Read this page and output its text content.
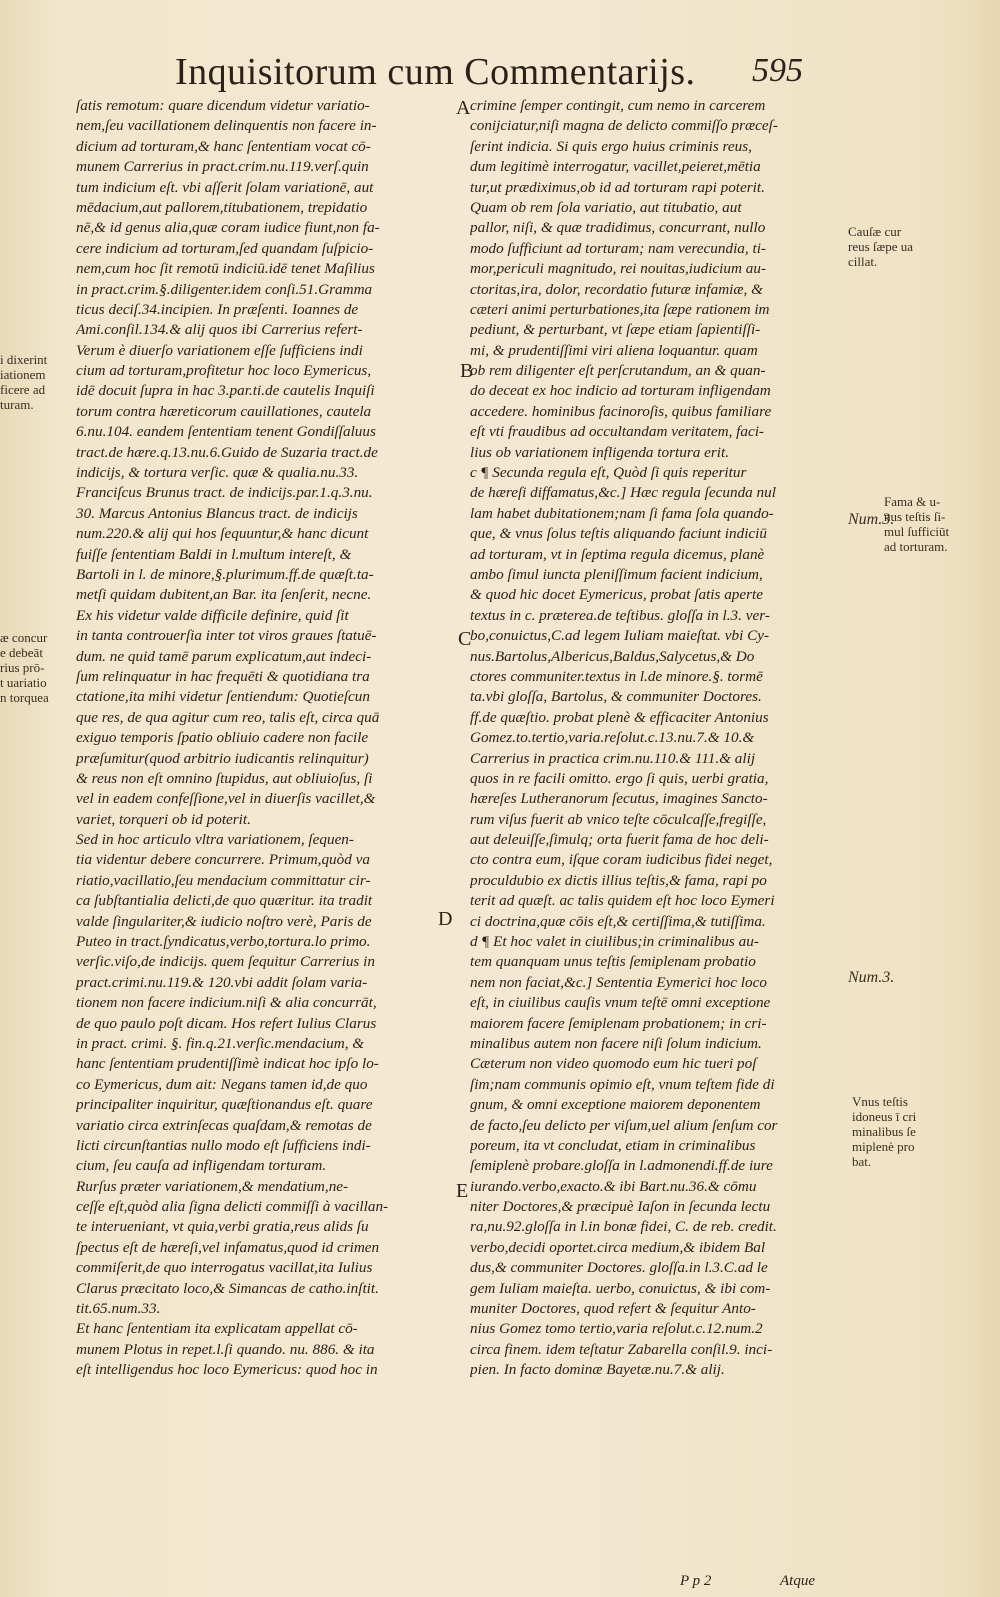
Inquisitorum cum Commentarijs. 595
ſatis remotum: quare dicendum videtur variatio-
nem,ſeu vacillationem delinquentis non facere in-
dicium ad torturam,& hanc ſententiam vocat cō-
munem Carrerius in pract.crim.nu.119.verſ.quin
tum indicium eſt. vbi aſſerit ſolam variationē, aut
mēdacium,aut pallorem,titubationem, trepidatio
nē,& id genus alia,quæ coram iudice fiunt,non fa-
cere indicium ad torturam,ſed quandam ſuſpicio-
nem,cum hoc ſit remotū indiciū.idē tenet Maſilius
in pract.crim.§.diligenter.idem conſi.51.Gramma
ticus deciſ.34.incipien. In præſenti. Ioannes de
Ami.conſil.134.& alij quos ibi Carrerius refert-
Verum è diuerſo variationem eſſe ſufficiens indi
cium ad torturam,profitetur hoc loco Eymericus,
idē docuit ſupra in hac 3.par.ti.de cautelis Inquiſi
torum contra hæreticorum cauillationes, cautela
6.nu.104. eandem ſententiam tenent Gondiſſaluus
tract.de hære.q.13.nu.6.Guido de Suzaria tract.de
indicijs, & tortura verſic. quæ & qualia.nu.33.
Franciſcus Brunus tract. de indicijs.par.1.q.3.nu.
30. Marcus Antonius Blancus tract. de indicijs
num.220.& alij qui hos ſequuntur,& hanc dicunt
fuiſſe ſententiam Baldi in l.multum intereſt, &
Bartoli in l. de minore,§.plurimum.ff.de quæſt.ta-
metſi quidam dubitent,an Bar. ita ſenſerit, necne.
Ex his videtur valde difficile definire, quid ſit
in tanta controuerſia inter tot viros graues ſtatuē-
dum. ne quid tamē parum explicatum,aut indeci-
ſum relinquatur in hac frequēti & quotidiana tra
ctatione,ita mihi videtur ſentiendum: Quotieſcun
que res, de qua agitur cum reo, talis eſt, circa quā
exiguo temporis ſpatio obliuio cadere non facile
præſumitur(quod arbitrio iudicantis relinquitur)
& reus non eſt omnino ſtupidus, aut obliuioſus, ſi
vel in eadem confeſſione,vel in diuerſis vacillet,&
variet, torqueri ob id poterit.
Sed in hoc articulo vltra variationem, ſequen-
tia videntur debere concurrere. Primum,quòd va
riatio,vacillatio,ſeu mendacium committatur cir-
ca ſubſtantialia delicti,de quo quæritur. ita tradit
valde ſingulariter,& iudicio noſtro verè, Paris de
Puteo in tract.ſyndicatus,verbo,tortura.lo primo.
verſic.viſo,de indicijs. quem ſequitur Carrerius in
pract.crimi.nu.119.& 120.vbi addit ſolam varia-
tionem non facere indicium.niſi & alia concurrāt,
de quo paulo poſt dicam. Hos refert Iulius Clarus
in pract. crimi. §. fin.q.21.verſic.mendacium, &
hanc ſententiam prudentiſſimè indicat hoc ipſo lo-
co Eymericus, dum ait: Negans tamen id,de quo
principaliter inquiritur, quæſtionandus eſt. quare
variatio circa extrinſecas quaſdam,& remotas de
licti circunſtantias nullo modo eſt ſufficiens indi-
cium, ſeu cauſa ad infligendam torturam.
Rurſus præter variationem,& mendatium,ne-
ceſſe eſt,quòd alia ſigna delicti commiſſi à vacillan-
te interueniant, vt quia,verbi gratia,reus alids ſu
ſpectus eſt de hæreſi,vel infamatus,quod id crimen
commiſerit,de quo interrogatus vacillat,ita Iulius
Clarus præcitato loco,& Simancas de catho.inſtit.
tit.65.num.33.
Et hanc ſententiam ita explicatam appellat cō-
munem Plotus in repet.l.ſi quando. nu. 886. & ita
eſt intelligendus hoc loco Eymericus: quod hoc in
crimine ſemper contingit, cum nemo in carcerem
conijciatur,niſi magna de delicto commiſſo præceſ-
ſerint indicia. Si quis ergo huius criminis reus,
dum legitimè interrogatur, vacillet,peieret,mētia
tur,ut prædiximus,ob id ad torturam rapi poterit.
Quam ob rem ſola variatio, aut titubatio, aut
pallor, niſi, & quæ tradidimus, concurrant, nullo
modo ſufficiunt ad torturam; nam verecundia, ti-
mor,periculi magnitudo, rei nouitas,iudicium au-
ctoritas,ira, dolor, recordatio futuræ infamiæ, &
cæteri animi perturbationes,ita ſæpe rationem im
pediunt, & perturbant, vt ſæpe etiam ſapientiſſi-
mi, & prudentiſſimi viri aliena loquantur. quam
ob rem diligenter eſt perſcrutandum, an & quan-
do deceat ex hoc indicio ad torturam infligendam
accedere. hominibus facinoroſis, quibus familiare
eſt vti fraudibus ad occultandam veritatem, faci-
lius ob variationem infligenda tortura erit.
c ¶ Secunda regula eſt, Quòd ſi quis reperitur
de hæreſi diffamatus,&c.] Hæc regula ſecunda nul
lam habet dubitationem;nam ſi fama ſola quando-
que, & vnus ſolus teſtis aliquando faciunt indiciū
ad torturam, vt in ſeptima regula dicemus, planè
ambo ſimul iuncta pleniſſimum facient indicium,
& quod hic docet Eymericus, probat ſatis aperte
textus in c. præterea.de teſtibus. gloſſa in l.3. ver-
bo,conuictus,C.ad legem Iuliam maieſtat. vbi Cy-
nus.Bartolus,Albericus,Baldus,Salycetus,& Do
ctores communiter.textus in l.de minore.§. tormē
ta.vbi gloſſa, Bartolus, & communiter Doctores.
ff.de quæſtio. probat plenè & efficaciter Antonius
Gomez.to.tertio,varia.reſolut.c.13.nu.7.& 10.&
Carrerius in practica crim.nu.110.& 111.& alij
quos in re facili omitto. ergo ſi quis, uerbi gratia,
hæreſes Lutheranorum ſecutus, imagines Sancto-
rum viſus fuerit ab vnico teſte cōculcaſſe,fregiſſe,
aut deleuiſſe,ſimulq; orta fuerit fama de hoc deli-
cto contra eum, iſque coram iudicibus fidei neget,
proculdubio ex dictis illius teſtis,& fama, rapi po
terit ad quæſt. ac talis quidem eſt hoc loco Eymeri
ci doctrina,quæ cōis eſt,& certiſſima,& tutiſſima.
d ¶ Et hoc valet in ciuilibus;in criminalibus au-
tem quanquam unus teſtis ſemiplenam probatio
nem non faciat,&c.] Sententia Eymerici hoc loco
eſt, in ciuilibus cauſis vnum teſtē omni exceptione
maiorem facere ſemiplenam probationem; in cri-
minalibus autem non facere niſi ſolum indicium.
Cæterum non video quomodo eum hic tueri poſ
ſim;nam communis opimio eſt, vnum teſtem fide di
gnum, & omni exceptione maiorem deponentem
de facto,ſeu delicto per viſum,uel alium ſenſum cor
poreum, ita vt concludat, etiam in criminalibus
ſemiplenè probare.gloſſa in l.admonendi.ff.de iure
iurando.verbo,exacto.& ibi Bart.nu.36.& cōmu
niter Doctores,& præcipuè Iaſon in ſecunda lectu
ra,nu.92.gloſſa in l.in bonæ fidei, C. de reb. credit.
verbo,decidi oportet.circa medium,& ibidem Bal
dus,& communiter Doctores. gloſſa.in l.3.C.ad le
gem Iuliam maieſta. uerbo, conuictus, & ibi com-
muniter Doctores, quod refert & ſequitur Anto-
nius Gomez tomo tertio,varia reſolut.c.12.num.2
circa finem. idem teſtatur Zabarella conſil.9. inci-
pien. In facto dominæ Bayetæ.nu.7.& alij.
A
B
C
D
E
i dixerint
iationem
ficere ad
turam.
æ concur
e debeāt
rius prō-
t uariatio
n torquea
Cauſæ cur
reus ſæpe ua
cillat.
Num.3.
Fama & u-
nus teſtis ſi-
mul ſufficiūt
ad torturam.
Num.3.
Vnus teſtis
idoneus ī cri
minalibus ſe
miplenè pro
bat.
P p 2	Atque
